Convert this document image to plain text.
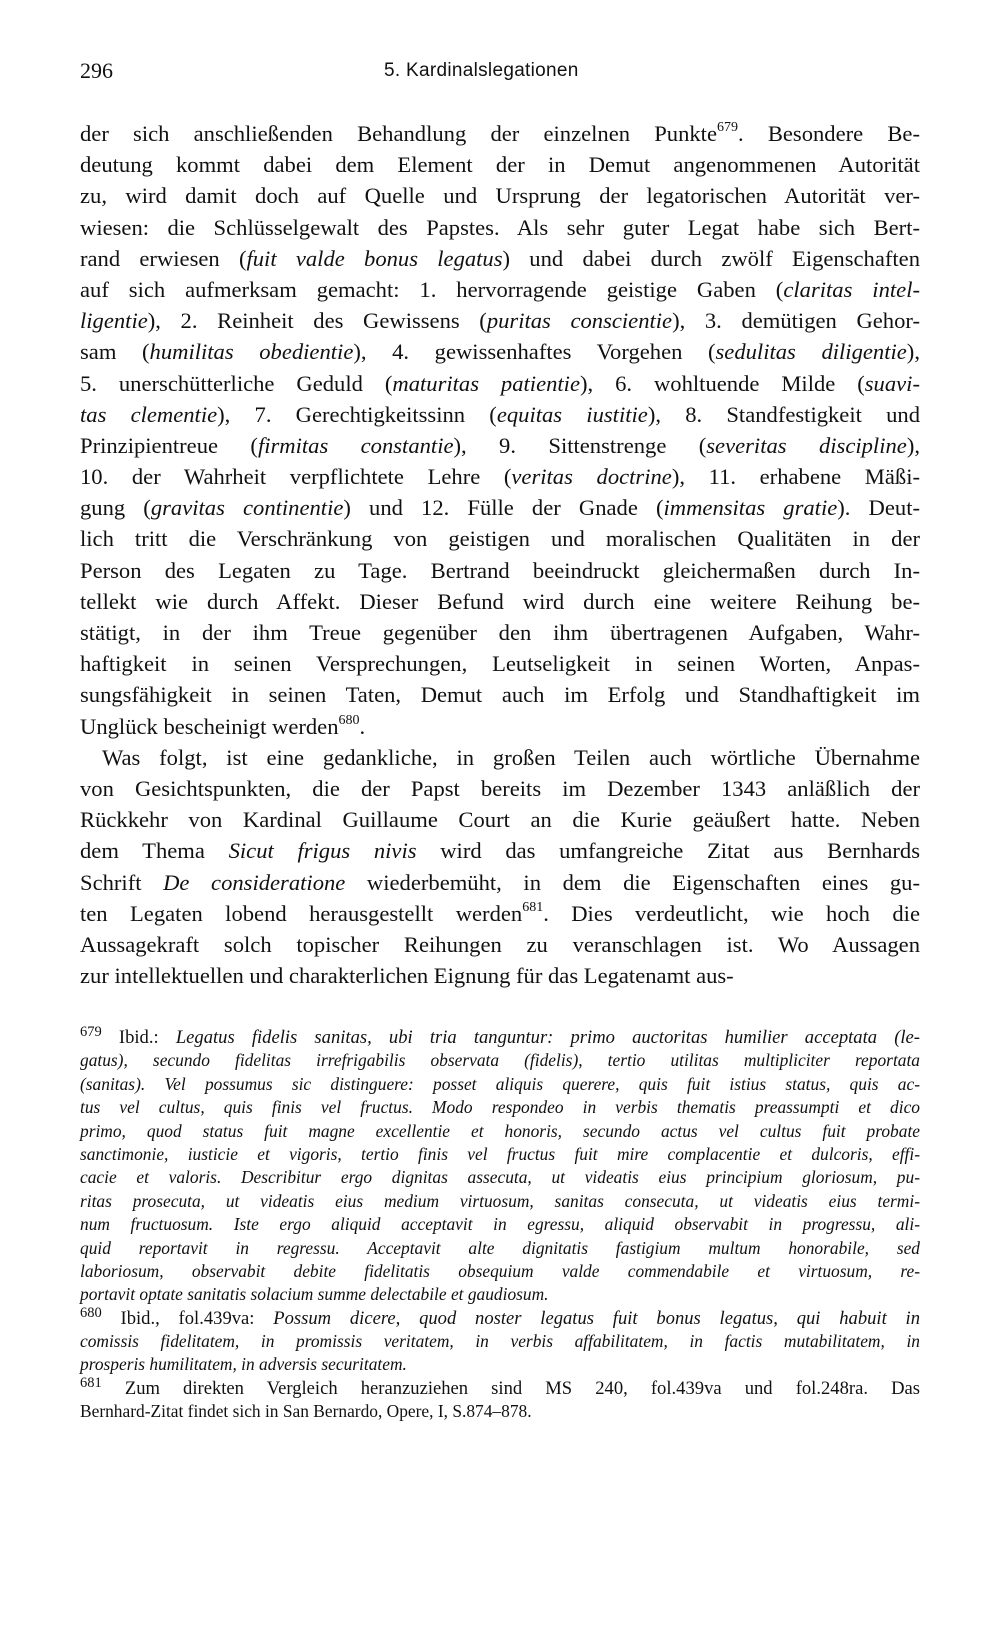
296	5. Kardinalslegationen
der sich anschließenden Behandlung der einzelnen Punkte$^{679}$. Besondere Be-
deutung kommt dabei dem Element der in Demut angenommenen Autorität
zu, wird damit doch auf Quelle und Ursprung der legatorischen Autorität ver-
wiesen: die Schlüsselgewalt des Papstes. Als sehr guter Legat habe sich Bert-
rand erwiesen (fuit valde bonus legatus) und dabei durch zwölf Eigenschaften
auf sich aufmerksam gemacht: 1. hervorragende geistige Gaben (claritas intel-
ligentie), 2. Reinheit des Gewissens (puritas conscientie), 3. demütigen Gehor-
sam (humilitas obedientie), 4. gewissenhaftes Vorgehen (sedulitas diligentie),
5. unerschütterliche Geduld (maturitas patientie), 6. wohltuende Milde (suavi-
tas clementie), 7. Gerechtigkeitssinn (equitas iustitie), 8. Standfestigkeit und
Prinzipientreue (firmitas constantie), 9. Sittenstrenge (severitas discipline),
10. der Wahrheit verpflichtete Lehre (veritas doctrine), 11. erhabene Mäßi-
gung (gravitas continentie) und 12. Fülle der Gnade (immensitas gratie). Deut-
lich tritt die Verschränkung von geistigen und moralischen Qualitäten in der
Person des Legaten zu Tage. Bertrand beeindruckt gleichermaßen durch In-
tellekt wie durch Affekt. Dieser Befund wird durch eine weitere Reihung be-
stätigt, in der ihm Treue gegenüber den ihm übertragenen Aufgaben, Wahr-
haftigkeit in seinen Versprechungen, Leutseligkeit in seinen Worten, Anpas-
sungsfähigkeit in seinen Taten, Demut auch im Erfolg und Standhaftigkeit im
Unglück bescheinigt werden$^{680}$.
Was folgt, ist eine gedankliche, in großen Teilen auch wörtliche Übernahme
von Gesichtspunkten, die der Papst bereits im Dezember 1343 anläßlich der
Rückkehr von Kardinal Guillaume Court an die Kurie geäußert hatte. Neben
dem Thema Sicut frigus nivis wird das umfangreiche Zitat aus Bernhards
Schrift De consideratione wiederbemüht, in dem die Eigenschaften eines gu-
ten Legaten lobend herausgestellt werden$^{681}$. Dies verdeutlicht, wie hoch die
Aussagekraft solch topischer Reihungen zu veranschlagen ist. Wo Aussagen
zur intellektuellen und charakterlichen Eignung für das Legatenamt aus-
$^{679}$ Ibid.: Legatus fidelis sanitas, ubi tria tanguntur: primo auctoritas humilier acceptata (le-
gatus), secundo fidelitas irrefrigabilis observata (fidelis), tertio utilitas multipliciter reportata
(sanitas). Vel possumus sic distinguere: posset aliquis querere, quis fuit istius status, quis ac-
tus vel cultus, quis finis vel fructus. Modo respondeo in verbis thematis preassumpti et dico
primo, quod status fuit magne excellentie et honoris, secundo actus vel cultus fuit probate
sanctimonie, iusticie et vigoris, tertio finis vel fructus fuit mire complacentie et dulcoris, effi-
cacie et valoris. Describitur ergo dignitas assecuta, ut videatis eius principium gloriosum, pu-
ritas prosecuta, ut videatis eius medium virtuosum, sanitas consecuta, ut videatis eius termi-
num fructuosum. Iste ergo aliquid acceptavit in egressu, aliquid observabit in progressu, ali-
quid reportavit in regressu. Acceptavit alte dignitatis fastigium multum honorabile, sed
laboriosum, observabit debite fidelitatis obsequium valde commendabile et virtuosum, re-
portavit optate sanitatis solacium summe delectabile et gaudiosum.
$^{680}$ Ibid., fol.439va: Possum dicere, quod noster legatus fuit bonus legatus, qui habuit in
comissis fidelitatem, in promissis veritatem, in verbis affabilitatem, in factis mutabilitatem, in
prosperis humilitatem, in adversis securitatem.
$^{681}$ Zum direkten Vergleich heranzuziehen sind MS 240, fol.439va und fol.248ra. Das
Bernhard-Zitat findet sich in San Bernardo, Opere, I, S.874–878.
